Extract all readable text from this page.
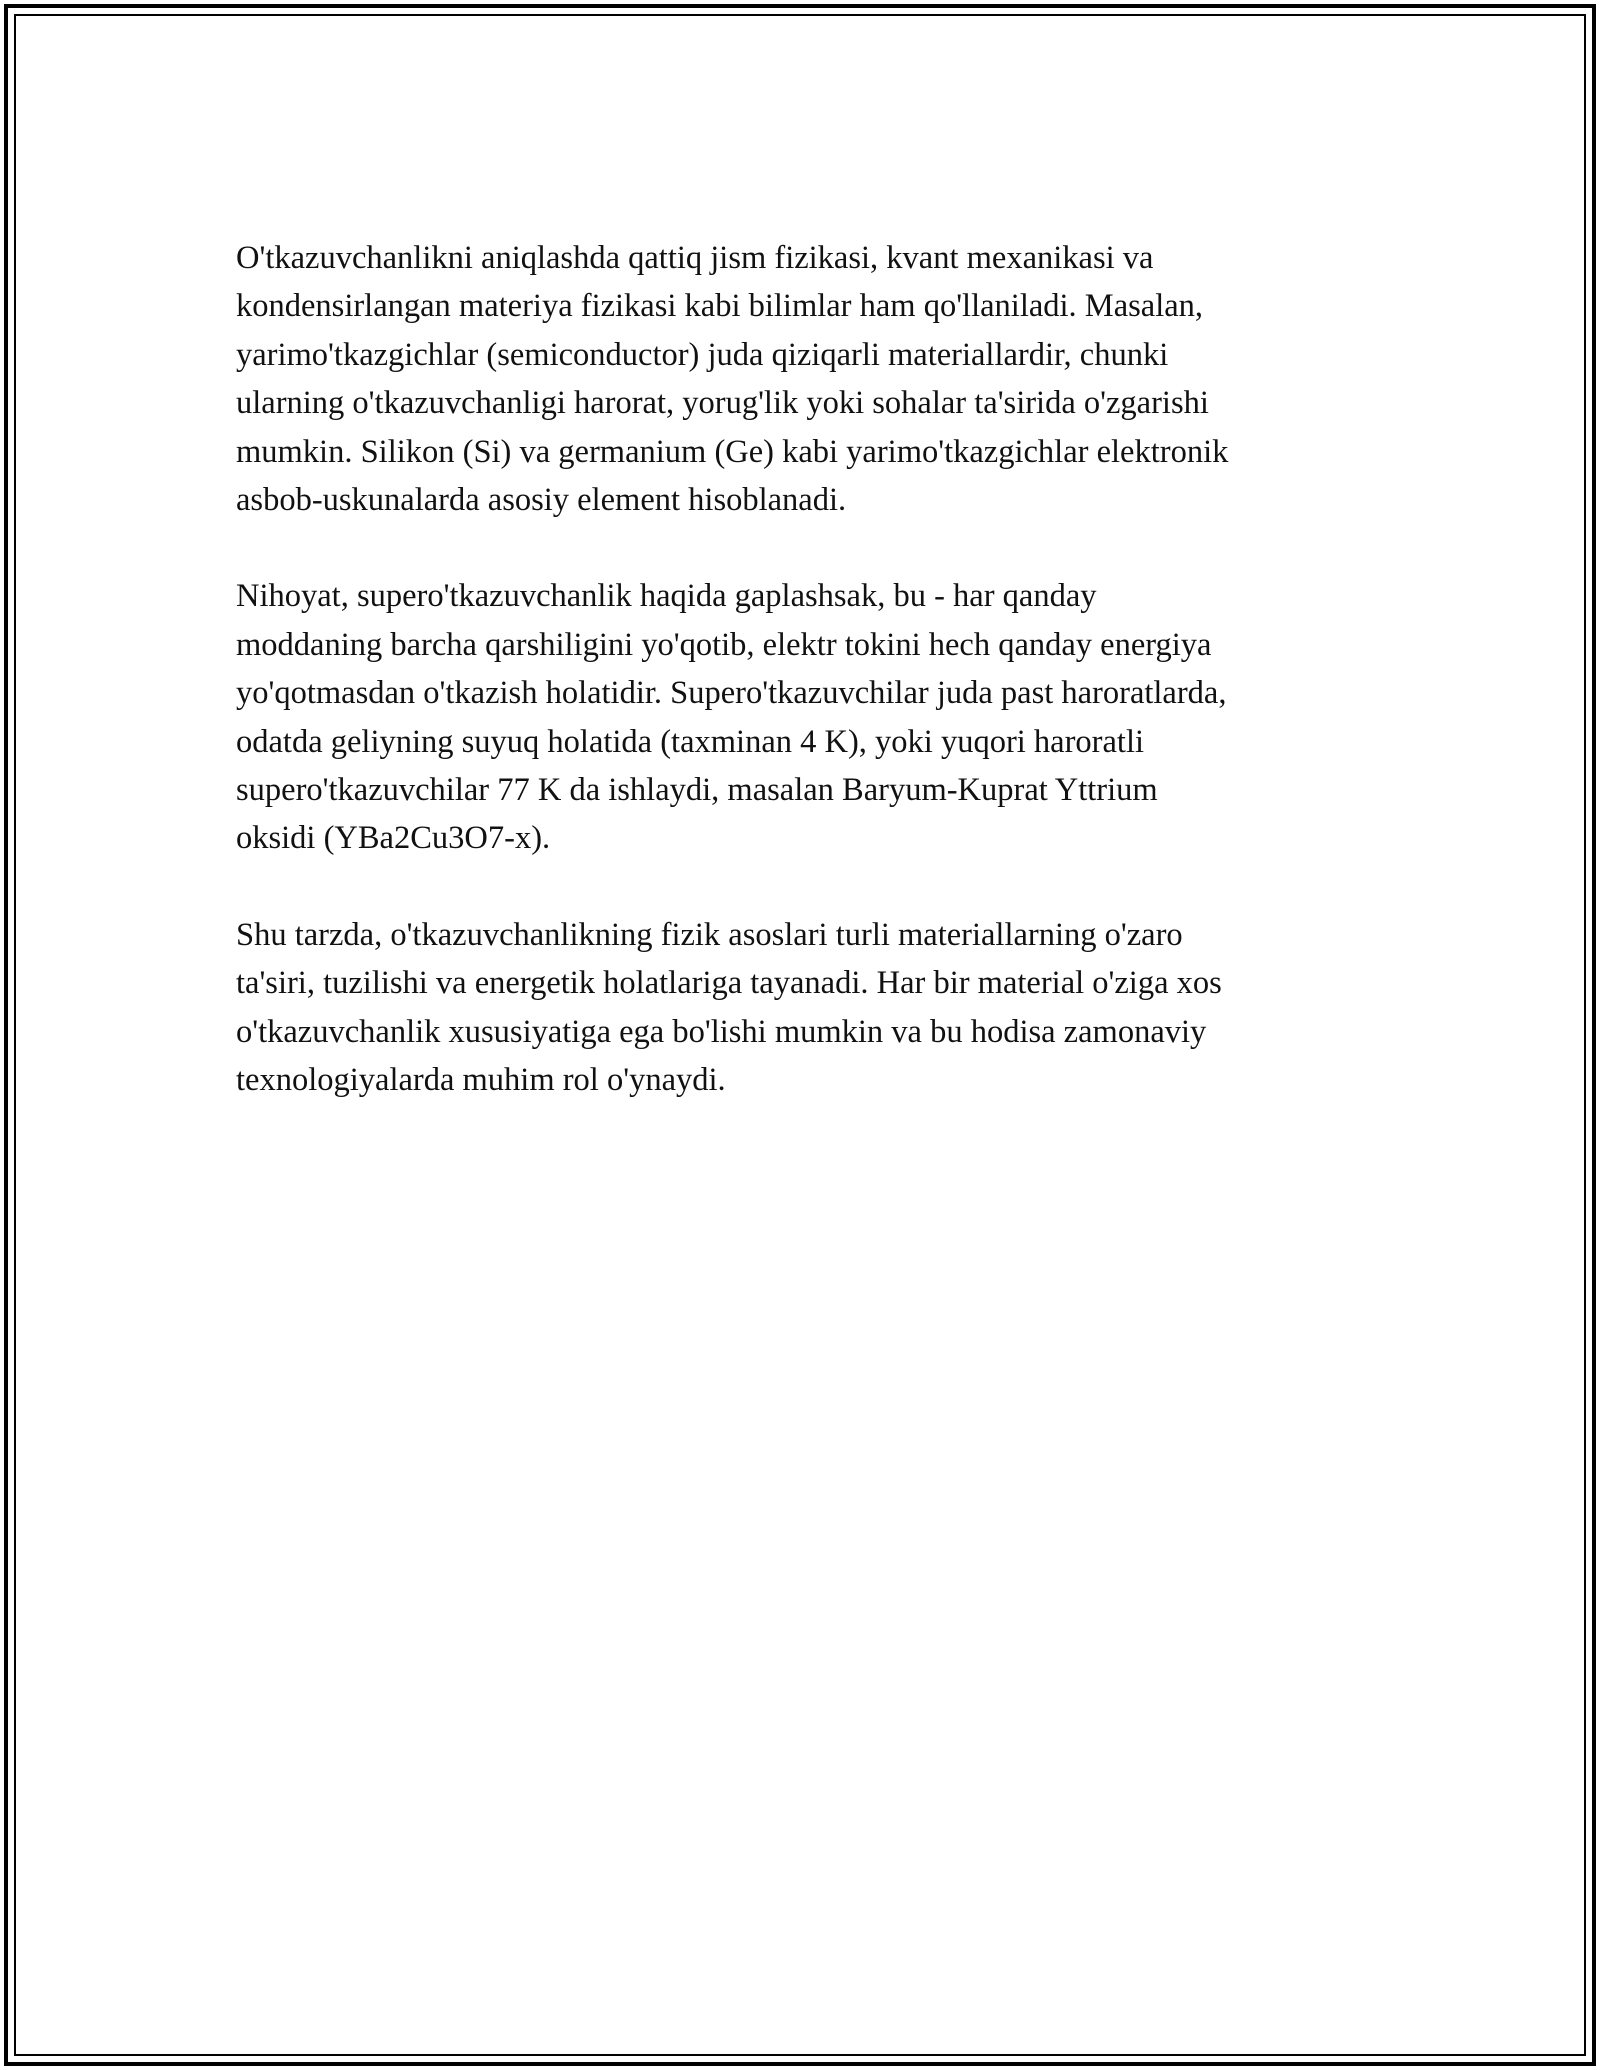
O'tkazuvchanlikni aniqlashda qattiq jism fizikasi, kvant mexanikasi va
kondensirlangan materiya fizikasi kabi bilimlar ham qo'llaniladi. Masalan,
yarimo'tkazgichlar (semiconductor) juda qiziqarli materiallardir, chunki
ularning o'tkazuvchanligi harorat, yorug'lik yoki sohalar ta'sirida o'zgarishi
mumkin. Silikon (Si) va germanium (Ge) kabi yarimo'tkazgichlar elektronik
asbob-uskunalarda asosiy element hisoblanadi.

Nihoyat, supero'tkazuvchanlik haqida gaplashsak, bu - har qanday
moddaning barcha qarshiligini yo'qotib, elektr tokini hech qanday energiya
yo'qotmasdan o'tkazish holatidir. Supero'tkazuvchilar juda past haroratlarda,
odatda geliyning suyuq holatida (taxminan 4 K), yoki yuqori haroratli
supero'tkazuvchilar 77 K da ishlaydi, masalan Baryum-Kuprat Yttrium
oksidi (YBa2Cu3O7-x).

Shu tarzda, o'tkazuvchanlikning fizik asoslari turli materiallarning o'zaro
ta'siri, tuzilishi va energetik holatlariga tayanadi. Har bir material o'ziga xos
o'tkazuvchanlik xususiyatiga ega bo'lishi mumkin va bu hodisa zamonaviy
texnologiyalarda muhim rol o'ynaydi.
